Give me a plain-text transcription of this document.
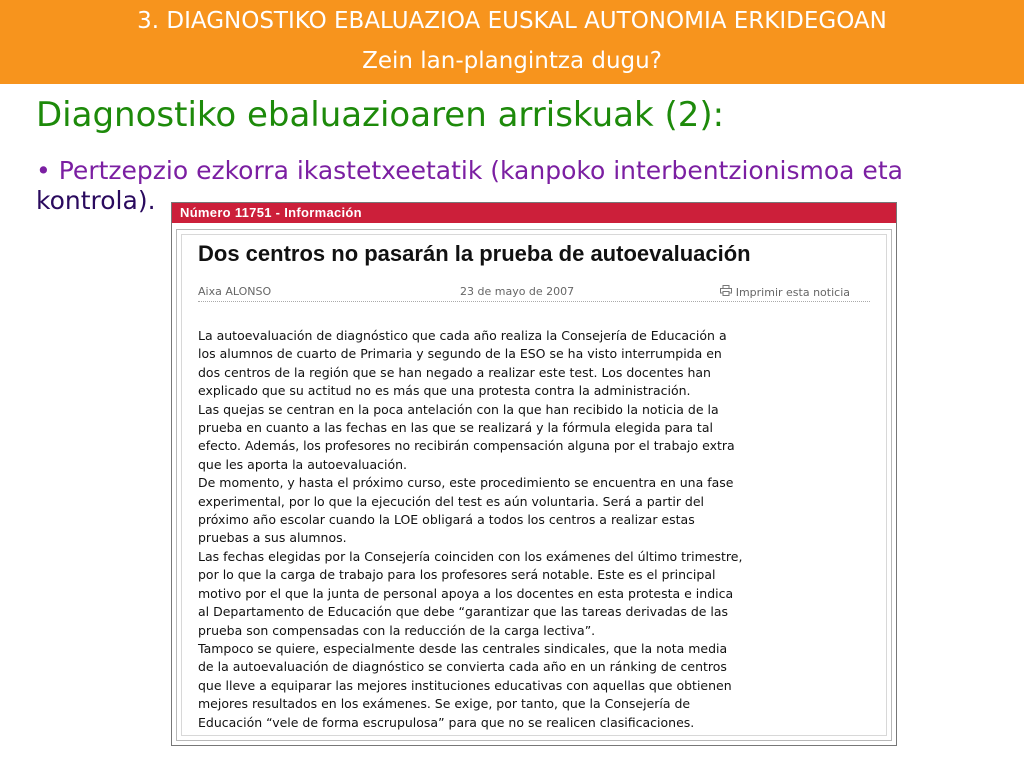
3. DIAGNOSTIKO EBALUAZIOA EUSKAL AUTONOMIA ERKIDEGOAN
Zein lan-plangintza dugu?
Diagnostiko ebaluazioaren arriskuak (2):
• Pertzepzio ezkorra ikastetxeetatik (kanpoko interbentzionismoa eta
kontrola).	Número 11751 - Información
Dos centros no pasarán la prueba de autoevaluación
Aixa ALONSO	23 de mayo de 2007	Imprimir esta noticia
La autoevaluación de diagnóstico que cada año realiza la Consejería de Educación a
los alumnos de cuarto de Primaria y segundo de la ESO se ha visto interrumpida en
dos centros de la región que se han negado a realizar este test. Los docentes han
explicado que su actitud no es más que una protesta contra la administración.
Las quejas se centran en la poca antelación con la que han recibido la noticia de la
prueba en cuanto a las fechas en las que se realizará y la fórmula elegida para tal
efecto. Además, los profesores no recibirán compensación alguna por el trabajo extra
que les aporta la autoevaluación.
De momento, y hasta el próximo curso, este procedimiento se encuentra en una fase
experimental, por lo que la ejecución del test es aún voluntaria. Será a partir del
próximo año escolar cuando la LOE obligará a todos los centros a realizar estas
pruebas a sus alumnos.
Las fechas elegidas por la Consejería coinciden con los exámenes del último trimestre,
por lo que la carga de trabajo para los profesores será notable. Este es el principal
motivo por el que la junta de personal apoya a los docentes en esta protesta e indica
al Departamento de Educación que debe “garantizar que las tareas derivadas de las
prueba son compensadas con la reducción de la carga lectiva”.
Tampoco se quiere, especialmente desde las centrales sindicales, que la nota media
de la autoevaluación de diagnóstico se convierta cada año en un ránking de centros
que lleve a equiparar las mejores instituciones educativas con aquellas que obtienen
mejores resultados en los exámenes. Se exige, por tanto, que la Consejería de
Educación “vele de forma escrupulosa” para que no se realicen clasificaciones.
